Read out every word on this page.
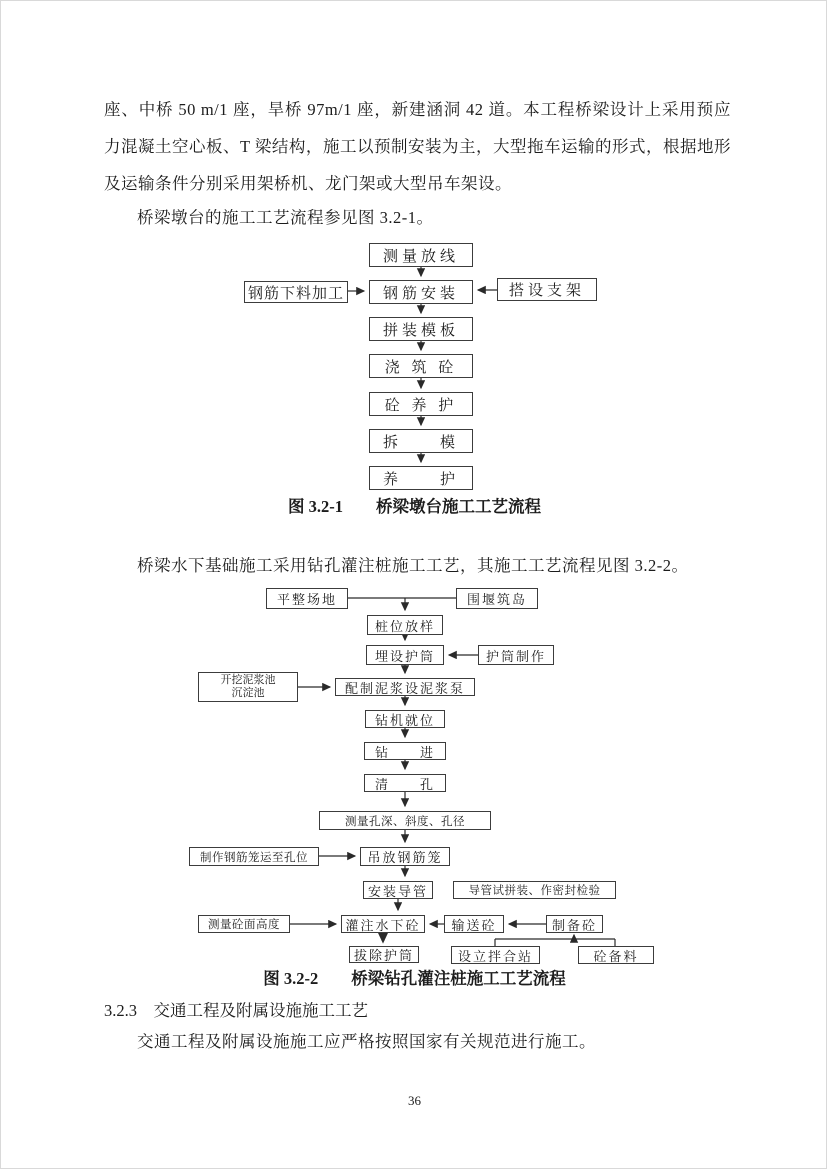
座、中桥 50 m/1 座，旱桥 97m/1 座，新建涵洞 42 道。本工程桥梁设计上采用预应力混凝土空心板、T 梁结构，施工以预制安装为主，大型拖车运输的形式，根据地形及运输条件分别采用架桥机、龙门架或大型吊车架设。
桥梁墩台的施工工艺流程参见图 3.2-1。
测量放线
钢筋下料加工	钢筋安装	搭设支架
拼装模板
浇 筑 砼
砼 养 护
拆　　模
养　　护
图 3.2-1　　桥梁墩台施工工艺流程
桥梁水下基础施工采用钻孔灌注桩施工工艺，其施工工艺流程见图 3.2-2。
平整场地	围堰筑岛
桩位放样
埋设护筒	护筒制作
开挖泥浆池
沉淀池	配制泥浆设泥浆泵
钻机就位
钻　　进
清　　孔
测量孔深、斜度、孔径
制作钢筋笼运至孔位	吊放钢筋笼
安装导管	导管试拼装、作密封检验
测量砼面高度	灌注水下砼	输送砼	制备砼
拔除护筒	设立拌合站	砼备料
图 3.2-2　　桥梁钻孔灌注桩施工工艺流程
3.2.3　交通工程及附属设施施工工艺
交通工程及附属设施施工应严格按照国家有关规范进行施工。
36
